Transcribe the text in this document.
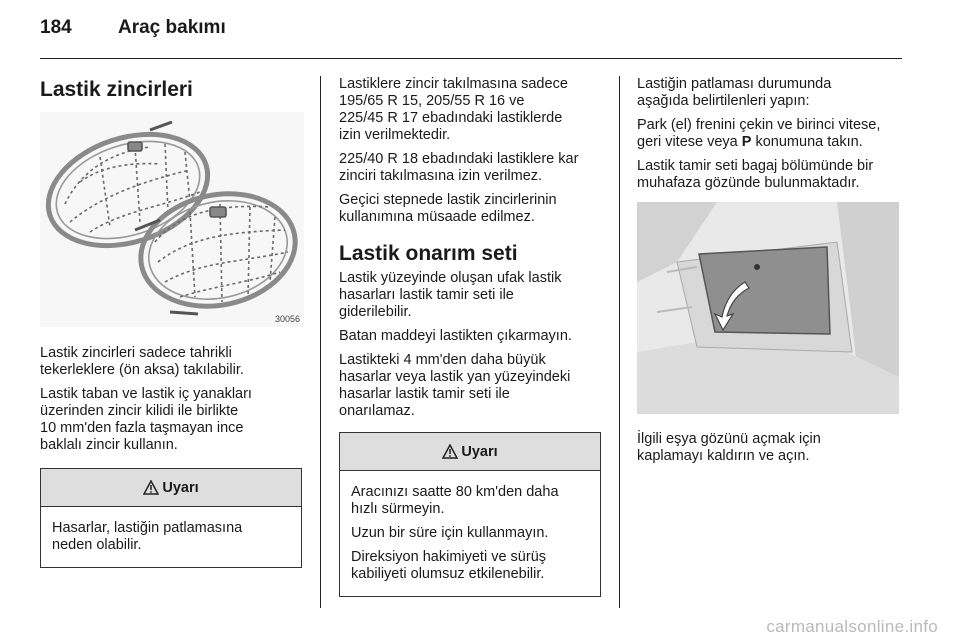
184 Araç bakımı
Lastik zincirleri
30056

Lastik zincirleri sadece tahrikli
tekerleklere (ön aksa) takılabilir.

Lastik taban ve lastik iç yanakları
üzerinden zincir kilidi ile birlikte
10 mm'den fazla taşmayan ince
baklalı zincir kullanın.

Uyarı

Hasarlar, lastiğin patlamasına
neden olabilir.

Lastiklere zincir takılmasına sadece
195/65 R 15, 205/55 R 16 ve
225/45 R 17 ebadındaki lastiklerde
izin verilmektedir.

225/40 R 18 ebadındaki lastiklere kar
zinciri takılmasına izin verilmez.

Geçici stepnede lastik zincirlerinin
kullanımına müsaade edilmez.

Lastik onarım seti

Lastik yüzeyinde oluşan ufak lastik
hasarları lastik tamir seti ile
giderilebilir.

Batan maddeyi lastikten çıkarmayın.

Lastikteki 4 mm'den daha büyük
hasarlar veya lastik yan yüzeyindeki
hasarlar lastik tamir seti ile
onarılamaz.

Uyarı

Aracınızı saatte 80 km'den daha
hızlı sürmeyin.

Uzun bir süre için kullanmayın.

Direksiyon hakimiyeti ve sürüş
kabiliyeti olumsuz etkilenebilir.

Lastiğin patlaması durumunda
aşağıda belirtilenleri yapın:

Park (el) frenini çekin ve birinci vitese,
geri vitese veya P konumuna takın.

Lastik tamir seti bagaj bölümünde bir
muhafaza gözünde bulunmaktadır.

İlgili eşya gözünü açmak için
kaplamayı kaldırın ve açın.

carmanualsonline.info
